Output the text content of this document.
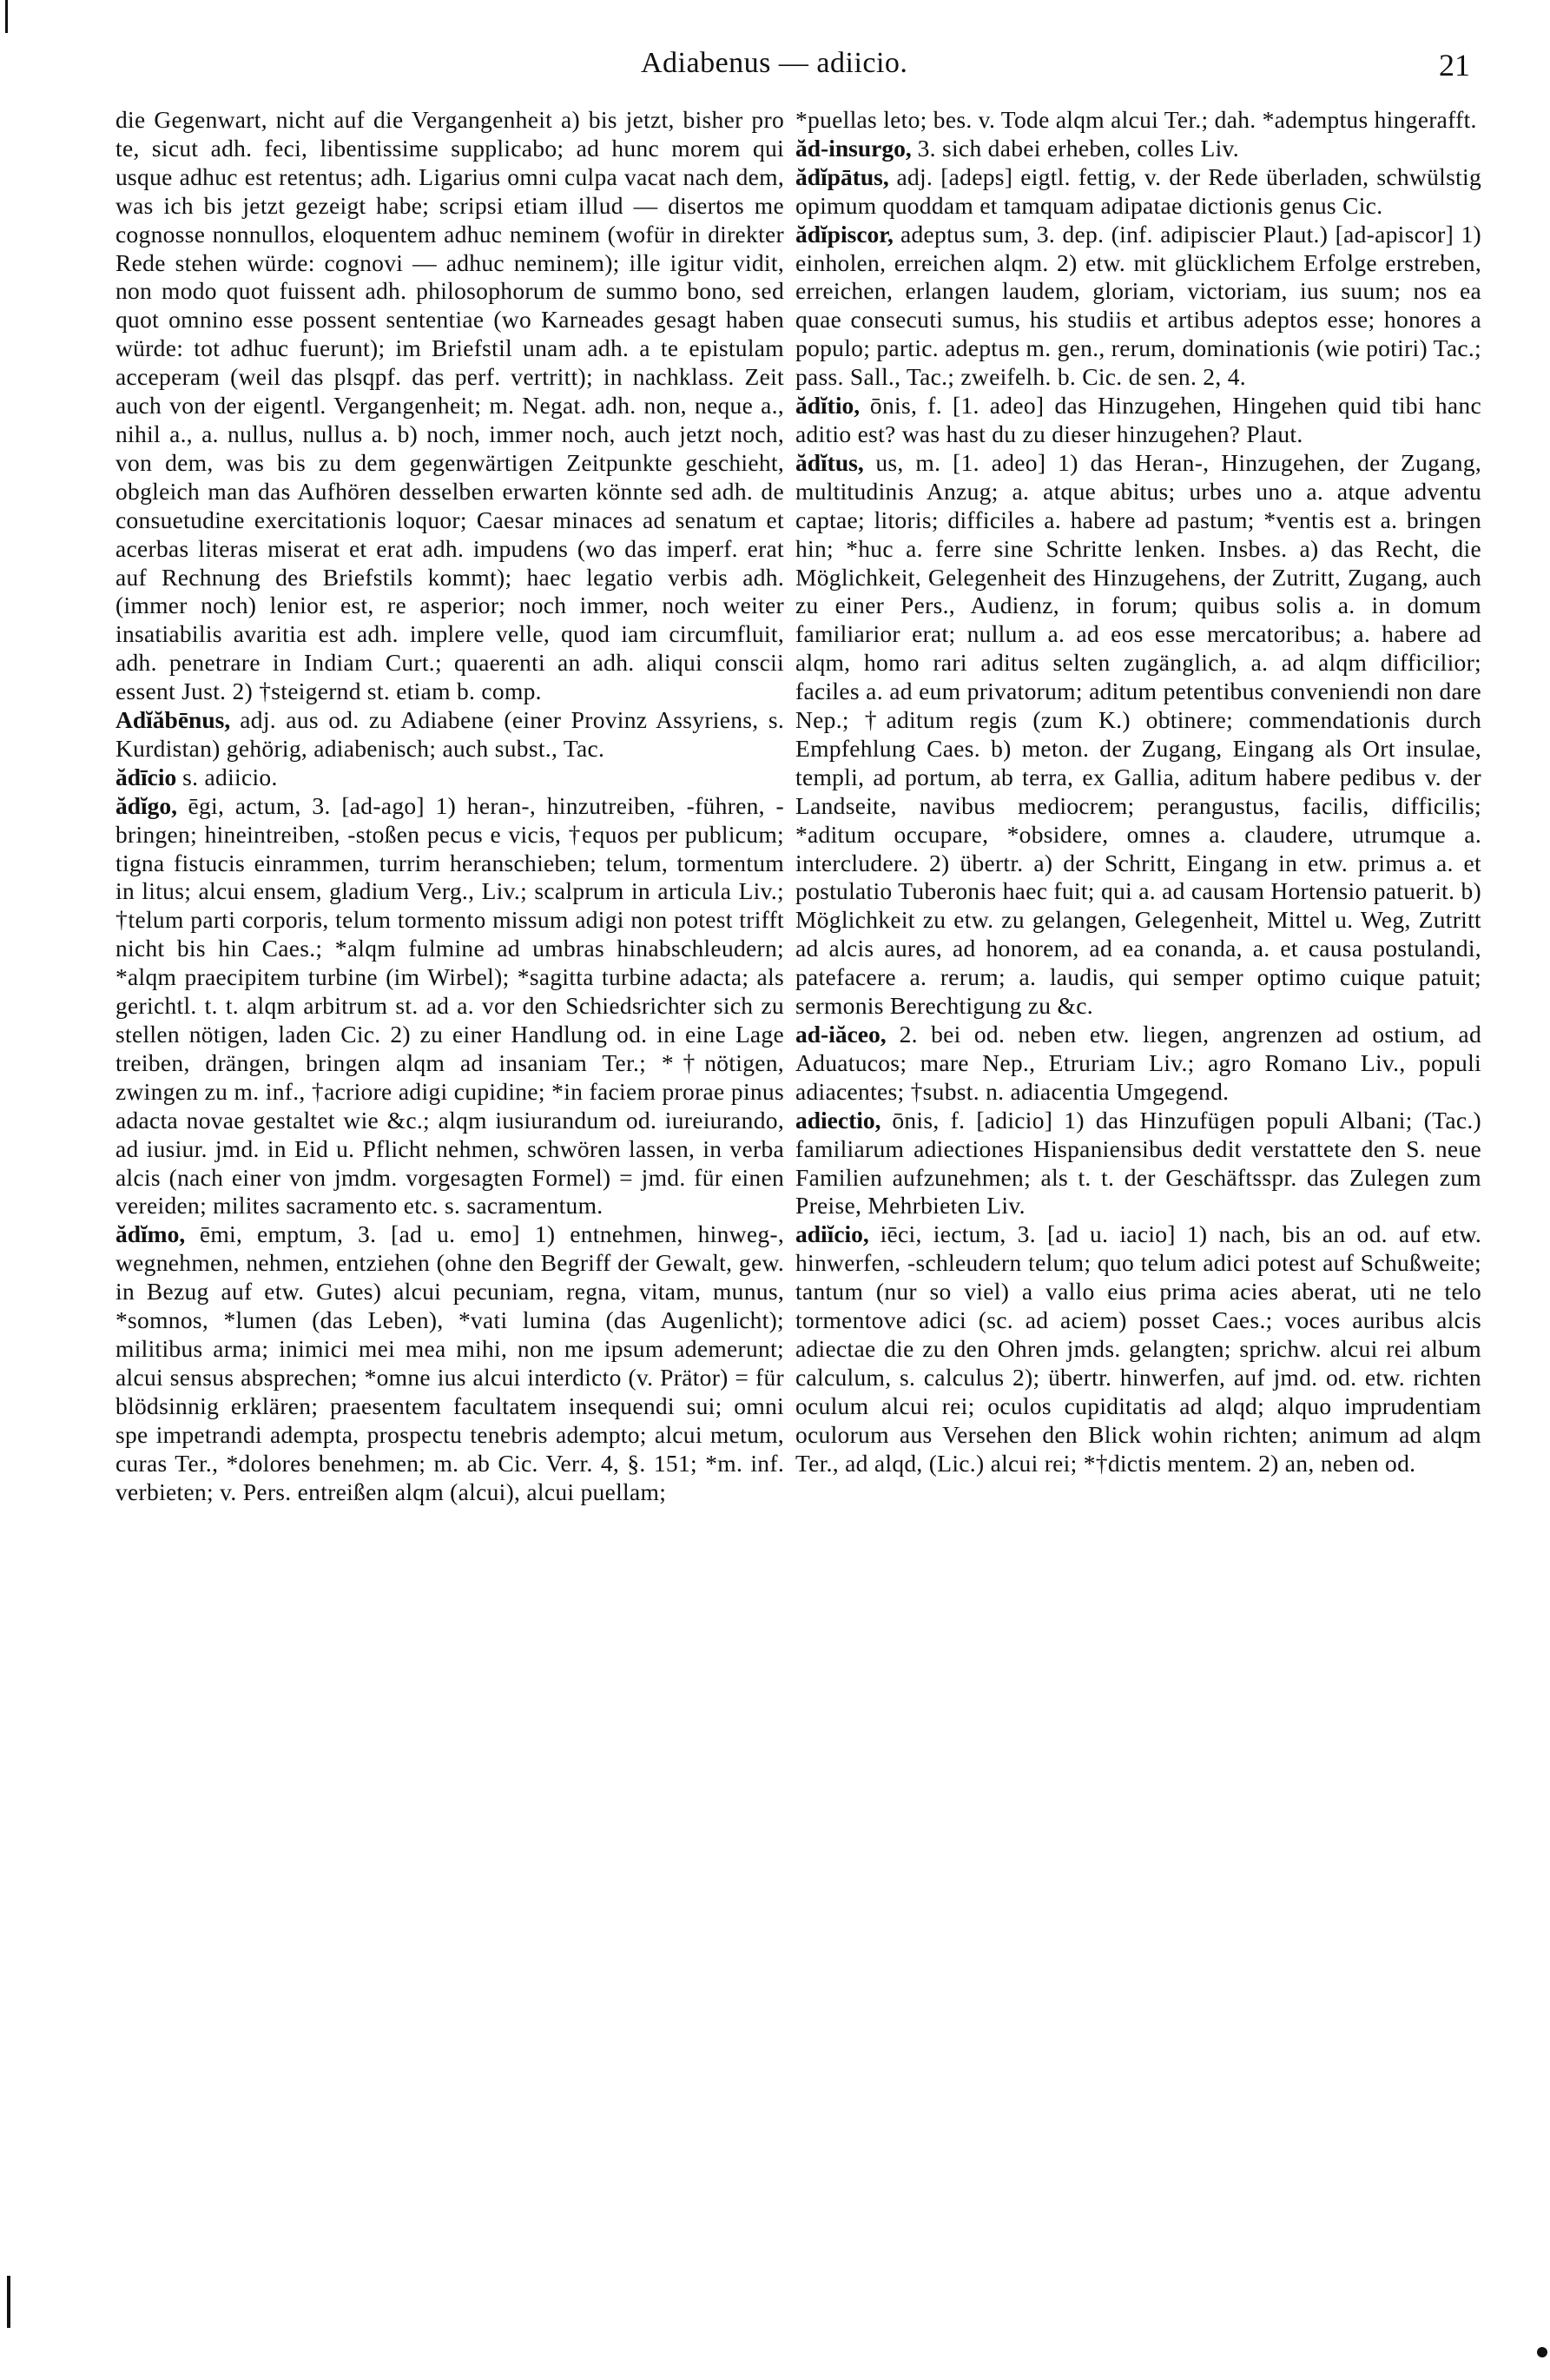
Adiabenus — adiicio.	21

die Gegenwart, nicht auf die Vergangenheit a) bis jetzt, bisher pro te, sicut adh. feci, libentissime supplicabo; ad hunc morem qui usque adhuc est retentus; adh. Ligarius omni culpa vacat nach dem, was ich bis jetzt gezeigt habe; scripsi etiam illud — disertos me cognosse nonnullos, eloquentem adhuc neminem (wofür in direkter Rede stehen würde: cognovi — adhuc neminem); ille igitur vidit, non modo quot fuissent adh. philosophorum de summo bono, sed quot omnino esse possent sententiae (wo Karneades gesagt haben würde: tot adhuc fuerunt); im Briefstil unam adh. a te epistulam acceperam (weil das plsqpf. das perf. vertritt); in nachklass. Zeit auch von der eigentl. Vergangenheit; m. Negat. adh. non, neque a., nihil a., a. nullus, nullus a. b) noch, immer noch, auch jetzt noch, von dem, was bis zu dem gegenwärtigen Zeitpunkte geschieht, obgleich man das Aufhören desselben erwarten könnte sed adh. de consuetudine exercitationis loquor; Caesar minaces ad senatum et acerbas literas miserat et erat adh. impudens (wo das imperf. erat auf Rechnung des Briefstils kommt); haec legatio verbis adh. (immer noch) lenior est, re asperior; noch immer, noch weiter insatiabilis avaritia est adh. implere velle, quod iam circumfluit, adh. penetrare in Indiam Curt.; quaerenti an adh. aliqui conscii essent Just. 2) †steigernd st. etiam b. comp.

Adĭăbēnus, adj. aus od. zu Adiabene (einer Provinz Assyriens, s. Kurdistan) gehörig, adiabenisch; auch subst., Tac.

ădīcio s. adiicio.

ădĭgo, ēgi, actum, 3. [ad-ago] 1) heran-, hinzutreiben, -führen, -bringen; hineintreiben, -stoßen pecus e vicis, †equos per publicum; tigna fistucis einrammen, turrim heranschieben; telum, tormentum in litus; alcui ensem, gladium Verg., Liv.; scalprum in articula Liv.; †telum parti corporis, telum tormento missum adigi non potest trifft nicht bis hin Caes.; *alqm fulmine ad umbras hinabschleudern; *alqm praecipitem turbine (im Wirbel); *sagitta turbine adacta; als gerichtl. t. t. alqm arbitrum st. ad a. vor den Schiedsrichter sich zu stellen nötigen, laden Cic. 2) zu einer Handlung od. in eine Lage treiben, drängen, bringen alqm ad insaniam Ter.; *†nötigen, zwingen zu m. inf., †acriore adigi cupidine; *in faciem prorae pinus adacta novae gestaltet wie &c.; alqm iusiurandum od. iureiurando, ad iusiur. jmd. in Eid u. Pflicht nehmen, schwören lassen, in verba alcis (nach einer von jmdm. vorgesagten Formel) = jmd. für einen vereiden; milites sacramento etc. s. sacramentum.

ădĭmo, ēmi, emptum, 3. [ad u. emo] 1) entnehmen, hinweg-, wegnehmen, nehmen, entziehen (ohne den Begriff der Gewalt, gew. in Bezug auf etw. Gutes) alcui pecuniam, regna, vitam, munus, *somnos, *lumen (das Leben), *vati lumina (das Augenlicht); militibus arma; inimici mei mea mihi, non me ipsum ademerunt; alcui sensus absprechen; *omne ius alcui interdicto (v. Prätor) = für blödsinnig erklären; praesentem facultatem insequendi sui; omni spe impetrandi adempta, prospectu tenebris adempto; alcui metum, curas Ter., *dolores benehmen; m. ab Cic. Verr. 4, §. 151; *m. inf. verbieten; v. Pers. entreißen alqm (alcui), alcui puellam;

*puellas leto; bes. v. Tode alqm alcui Ter.; dah. *ademptus hingerafft.

ăd-insurgo, 3. sich dabei erheben, colles Liv.

ădĭpātus, adj. [adeps] eigtl. fettig, v. der Rede überladen, schwülstig opimum quoddam et tamquam adipatae dictionis genus Cic.

ădĭpiscor, adeptus sum, 3. dep. (inf. adipiscier Plaut.) [ad-apiscor] 1) einholen, erreichen alqm. 2) etw. mit glücklichem Erfolge erstreben, erreichen, erlangen laudem, gloriam, victoriam, ius suum; nos ea quae consecuti sumus, his studiis et artibus adeptos esse; honores a populo; partic. adeptus m. gen., rerum, dominationis (wie potiri) Tac.; pass. Sall., Tac.; zweifelh. b. Cic. de sen. 2, 4.

ădĭtio, ōnis, f. [1. adeo] das Hinzugehen, Hingehen quid tibi hanc aditio est? was hast du zu dieser hinzugehen? Plaut.

ădĭtus, us, m. [1. adeo] 1) das Heran-, Hinzugehen, der Zugang, multitudinis Anzug; a. atque abitus; urbes uno a. atque adventu captae; litoris; difficiles a. habere ad pastum; *ventis est a. bringen hin; *huc a. ferre sine Schritte lenken. Insbes. a) das Recht, die Möglichkeit, Gelegenheit des Hinzugehens, der Zutritt, Zugang, auch zu einer Pers., Audienz, in forum; quibus solis a. in domum familiarior erat; nullum a. ad eos esse mercatoribus; a. habere ad alqm, homo rari aditus selten zugänglich, a. ad alqm difficilior; faciles a. ad eum privatorum; aditum petentibus conveniendi non dare Nep.; †aditum regis (zum K.) obtinere; commendationis durch Empfehlung Caes. b) meton. der Zugang, Eingang als Ort insulae, templi, ad portum, ab terra, ex Gallia, aditum habere pedibus v. der Landseite, navibus mediocrem; perangustus, facilis, difficilis; *aditum occupare, *obsidere, omnes a. claudere, utrumque a. intercludere. 2) übertr. a) der Schritt, Eingang in etw. primus a. et postulatio Tuberonis haec fuit; qui a. ad causam Hortensio patuerit. b) Möglichkeit zu etw. zu gelangen, Gelegenheit, Mittel u. Weg, Zutritt ad alcis aures, ad honorem, ad ea conanda, a. et causa postulandi, patefacere a. rerum; a. laudis, qui semper optimo cuique patuit; sermonis Berechtigung zu &c.

ad-iăceo, 2. bei od. neben etw. liegen, angrenzen ad ostium, ad Aduatucos; mare Nep., Etruriam Liv.; agro Romano Liv., populi adiacentes; †subst. n. adiacentia Umgegend.

adiectio, ōnis, f. [adicio] 1) das Hinzufügen populi Albani; (Tac.) familiarum adiectiones Hispaniensibus dedit verstattete den S. neue Familien aufzunehmen; als t. t. der Geschäftsspr. das Zulegen zum Preise, Mehrbieten Liv.

adiĭcio, iēci, iectum, 3. [ad u. iacio] 1) nach, bis an od. auf etw. hinwerfen, -schleudern telum; quo telum adici potest auf Schußweite; tantum (nur so viel) a vallo eius prima acies aberat, uti ne telo tormentove adici (sc. ad aciem) posset Caes.; voces auribus alcis adiectae die zu den Ohren jmds. gelangten; sprichw. alcui rei album calculum, s. calculus 2); übertr. hinwerfen, auf jmd. od. etw. richten oculum alcui rei; oculos cupiditatis ad alqd; alquo imprudentiam oculorum aus Versehen den Blick wohin richten; animum ad alqm Ter., ad alqd, (Lic.) alcui rei; *†dictis mentem. 2) an, neben od.
